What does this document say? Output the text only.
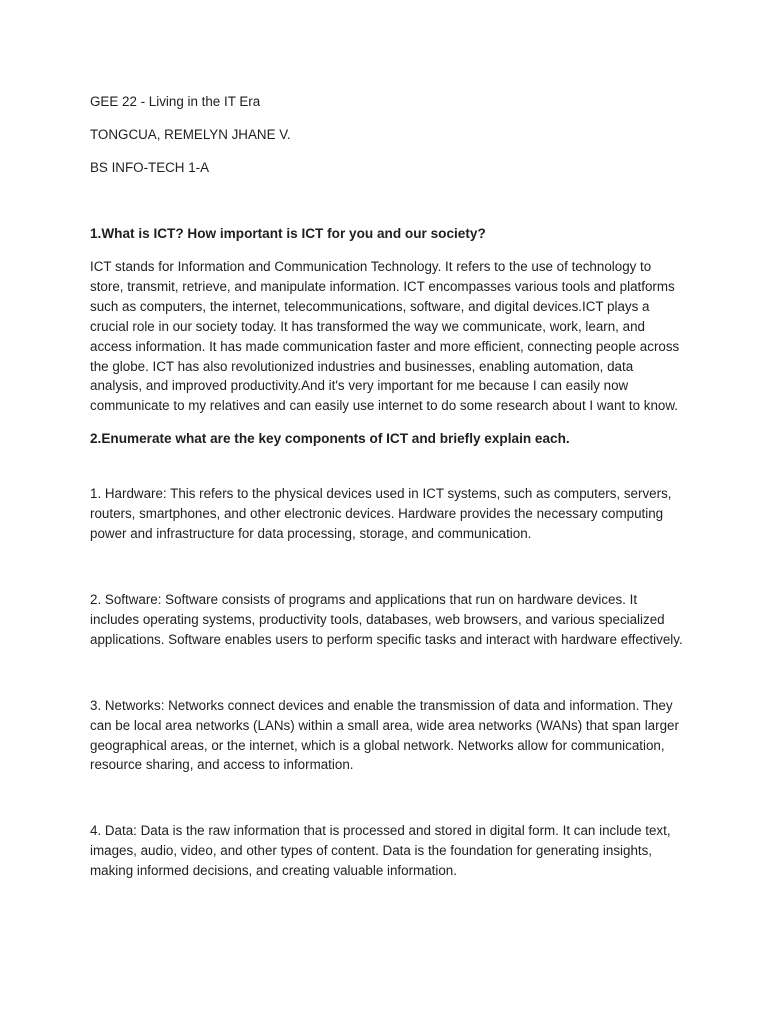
GEE 22 - Living in the IT Era

TONGCUA, REMELYN JHANE V.

BS INFO-TECH 1-A

1.What is ICT? How important is ICT for you and our society?

ICT stands for Information and Communication Technology. It refers to the use of technology to store, transmit, retrieve, and manipulate information. ICT encompasses various tools and platforms such as computers, the internet, telecommunications, software, and digital devices.ICT plays a crucial role in our society today. It has transformed the way we communicate, work, learn, and access information. It has made communication faster and more efficient, connecting people across the globe. ICT has also revolutionized industries and businesses, enabling automation, data analysis, and improved productivity.And it's very important for me because I can easily now communicate to my relatives and can easily use internet to do some research about I want to know.

2.Enumerate what are the key components of ICT and briefly explain each.

1. Hardware: This refers to the physical devices used in ICT systems, such as computers, servers, routers, smartphones, and other electronic devices. Hardware provides the necessary computing power and infrastructure for data processing, storage, and communication.

2. Software: Software consists of programs and applications that run on hardware devices. It includes operating systems, productivity tools, databases, web browsers, and various specialized applications. Software enables users to perform specific tasks and interact with hardware effectively.

3. Networks: Networks connect devices and enable the transmission of data and information. They can be local area networks (LANs) within a small area, wide area networks (WANs) that span larger geographical areas, or the internet, which is a global network. Networks allow for communication, resource sharing, and access to information.

4. Data: Data is the raw information that is processed and stored in digital form. It can include text, images, audio, video, and other types of content. Data is the foundation for generating insights, making informed decisions, and creating valuable information.
